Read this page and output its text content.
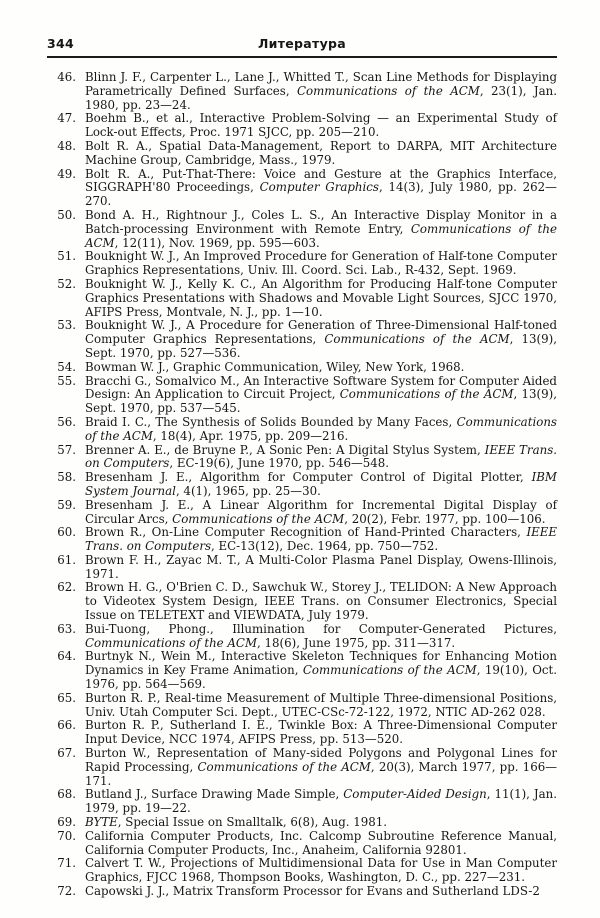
344	Литература
46. Blinn J. F., Carpenter L., Lane J., Whitted T., Scan Line Methods for Displaying Parametrically Defined Surfaces, Communications of the ACM, 23(1), Jan. 1980, pp. 23—24.
47. Boehm B., et al., Interactive Problem-Solving — an Experimental Study of Lock-out Effects, Proc. 1971 SJCC, pp. 205—210.
48. Bolt R. A., Spatial Data-Management, Report to DARPA, MIT Architecture Machine Group, Cambridge, Mass., 1979.
49. Bolt R. A., Put-That-There: Voice and Gesture at the Graphics Interface, SIGGRAPH'80 Proceedings, Computer Graphics, 14(3), July 1980, pp. 262—270.
50. Bond A. H., Rightnour J., Coles L. S., An Interactive Display Monitor in a Batch-processing Environment with Remote Entry, Communications of the ACM, 12(11), Nov. 1969, pp. 595—603.
51. Bouknight W. J., An Improved Procedure for Generation of Half-tone Computer Graphics Representations, Univ. Ill. Coord. Sci. Lab., R-432, Sept. 1969.
52. Bouknight W. J., Kelly K. C., An Algorithm for Producing Half-tone Computer Graphics Presentations with Shadows and Movable Light Sources, SJCC 1970, AFIPS Press, Montvale, N. J., pp. 1—10.
53. Bouknight W. J., A Procedure for Generation of Three-Dimensional Half-toned Computer Graphics Representations, Communications of the ACM, 13(9), Sept. 1970, pp. 527—536.
54. Bowman W. J., Graphic Communication, Wiley, New York, 1968.
55. Bracchi G., Somalvico M., An Interactive Software System for Computer Aided Design: An Application to Circuit Project, Communications of the ACM, 13(9), Sept. 1970, pp. 537—545.
56. Braid I. C., The Synthesis of Solids Bounded by Many Faces, Communications of the ACM, 18(4), Apr. 1975, pp. 209—216.
57. Brenner A. E., de Bruyne P., A Sonic Pen: A Digital Stylus System, IEEE Trans. on Computers, EC-19(6), June 1970, pp. 546—548.
58. Bresenham J. E., Algorithm for Computer Control of Digital Plotter, IBM System Journal, 4(1), 1965, pp. 25—30.
59. Bresenham J. E., A Linear Algorithm for Incremental Digital Display of Circular Arcs, Communications of the ACM, 20(2), Febr. 1977, pp. 100—106.
60. Brown R., On-Line Computer Recognition of Hand-Printed Characters, IEEE Trans. on Computers, EC-13(12), Dec. 1964, pp. 750—752.
61. Brown F. H., Zayac M. T., A Multi-Color Plasma Panel Display, Owens-Illinois, 1971.
62. Brown H. G., O'Brien C. D., Sawchuk W., Storey J., TELIDON: A New Approach to Videotex System Design, IEEE Trans. on Consumer Electronics, Special Issue on TELETEXT and VIEWDATA, July 1979.
63. Bui-Tuong, Phong., Illumination for Computer-Generated Pictures, Communications of the ACM, 18(6), June 1975, pp. 311—317.
64. Burtnyk N., Wein M., Interactive Skeleton Techniques for Enhancing Motion Dynamics in Key Frame Animation, Communications of the ACM, 19(10), Oct. 1976, pp. 564—569.
65. Burton R. P., Real-time Measurement of Multiple Three-dimensional Positions, Univ. Utah Computer Sci. Dept., UTEC-CSc-72-122, 1972, NTIC AD-262 028.
66. Burton R. P., Sutherland I. E., Twinkle Box: A Three-Dimensional Computer Input Device, NCC 1974, AFIPS Press, pp. 513—520.
67. Burton W., Representation of Many-sided Polygons and Polygonal Lines for Rapid Processing, Communications of the ACM, 20(3), March 1977, pp. 166—171.
68. Butland J., Surface Drawing Made Simple, Computer-Aided Design, 11(1), Jan. 1979, pp. 19—22.
69. BYTE, Special Issue on Smalltalk, 6(8), Aug. 1981.
70. California Computer Products, Inc. Calcomp Subroutine Reference Manual, California Computer Products, Inc., Anaheim, California 92801.
71. Calvert T. W., Projections of Multidimensional Data for Use in Man Computer Graphics, FJCC 1968, Thompson Books, Washington, D. C., pp. 227—231.
72. Capowski J. J., Matrix Transform Processor for Evans and Sutherland LDS-2
